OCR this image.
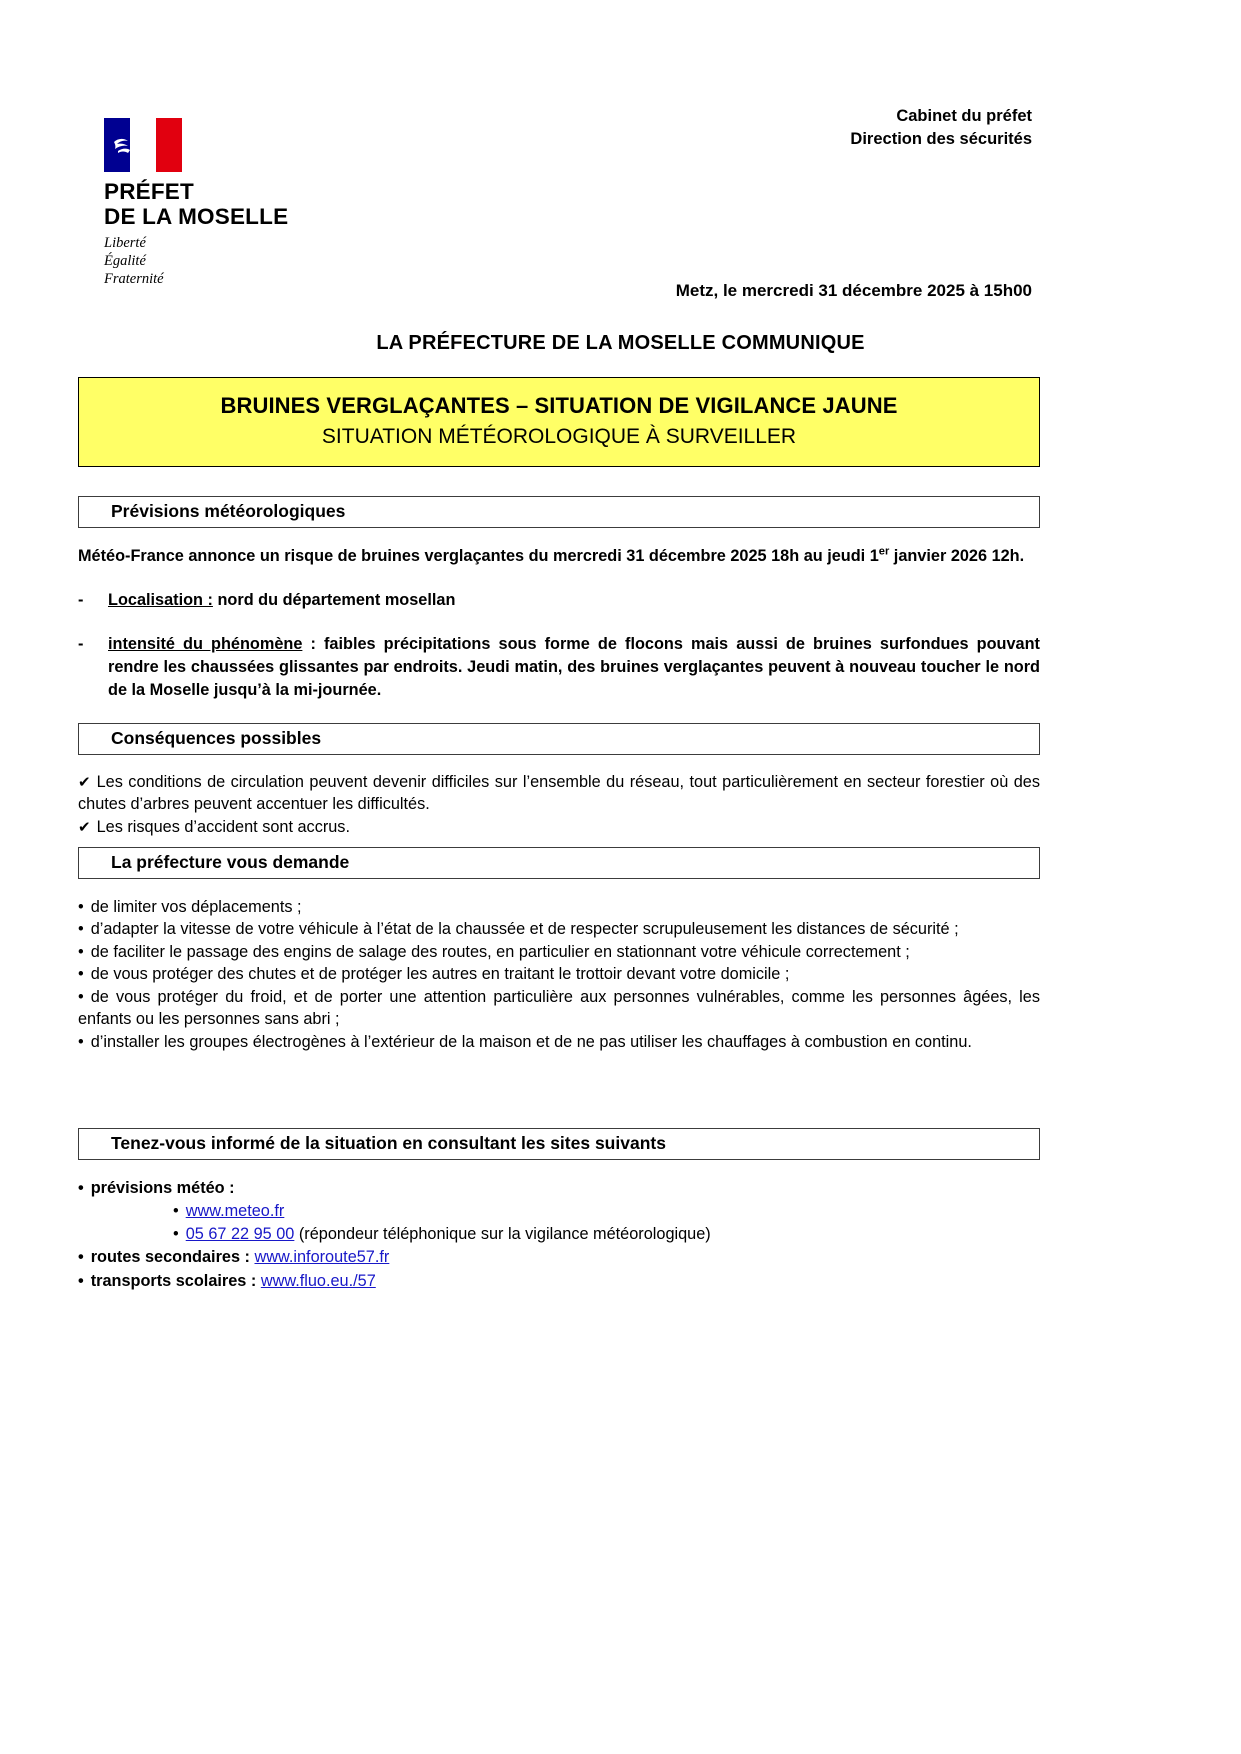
PRÉFET
DE LA MOSELLE
Liberté
Égalité
Fraternité
Cabinet du préfet
Direction des sécurités
Metz, le mercredi 31 décembre 2025 à 15h00
LA PRÉFECTURE DE LA MOSELLE COMMUNIQUE
BRUINES VERGLAÇANTES – SITUATION DE VIGILANCE JAUNE
SITUATION MÉTÉOROLOGIQUE À SURVEILLER
Prévisions météorologiques
Météo-France annonce un risque de bruines verglaçantes du mercredi 31 décembre 2025 18h au jeudi 1er janvier 2026 12h.
-	Localisation : nord du département mosellan
-	intensité du phénomène : faibles précipitations sous forme de flocons mais aussi de bruines surfondues pouvant rendre les chaussées glissantes par endroits. Jeudi matin, des bruines verglaçantes peuvent à nouveau toucher le nord de la Moselle jusqu’à la mi-journée.
Conséquences possibles

✔ Les conditions de circulation peuvent devenir difficiles sur l’ensemble du réseau, tout particulièrement en secteur forestier où des chutes d’arbres peuvent accentuer les difficultés.

✔ Les risques d’accident sont accrus.

La préfecture vous demande

• de limiter vos déplacements ;

• d’adapter la vitesse de votre véhicule à l’état de la chaussée et de respecter scrupuleusement les distances de sécurité ;

• de faciliter le passage des engins de salage des routes, en particulier en stationnant votre véhicule correctement ;

• de vous protéger des chutes et de protéger les autres en traitant le trottoir devant votre domicile ;

• de vous protéger du froid, et de porter une attention particulière aux personnes vulnérables, comme les personnes âgées, les enfants ou les personnes sans abri ;

• d’installer les groupes électrogènes à l’extérieur de la maison et de ne pas utiliser les chauffages à combustion en continu.

Tenez-vous informé de la situation en consultant les sites suivants
• prévisions météo :
• www.meteo.fr
• 05 67 22 95 00 (répondeur téléphonique sur la vigilance météorologique)
• routes secondaires : www.inforoute57.fr
• transports scolaires : www.fluo.eu./57
